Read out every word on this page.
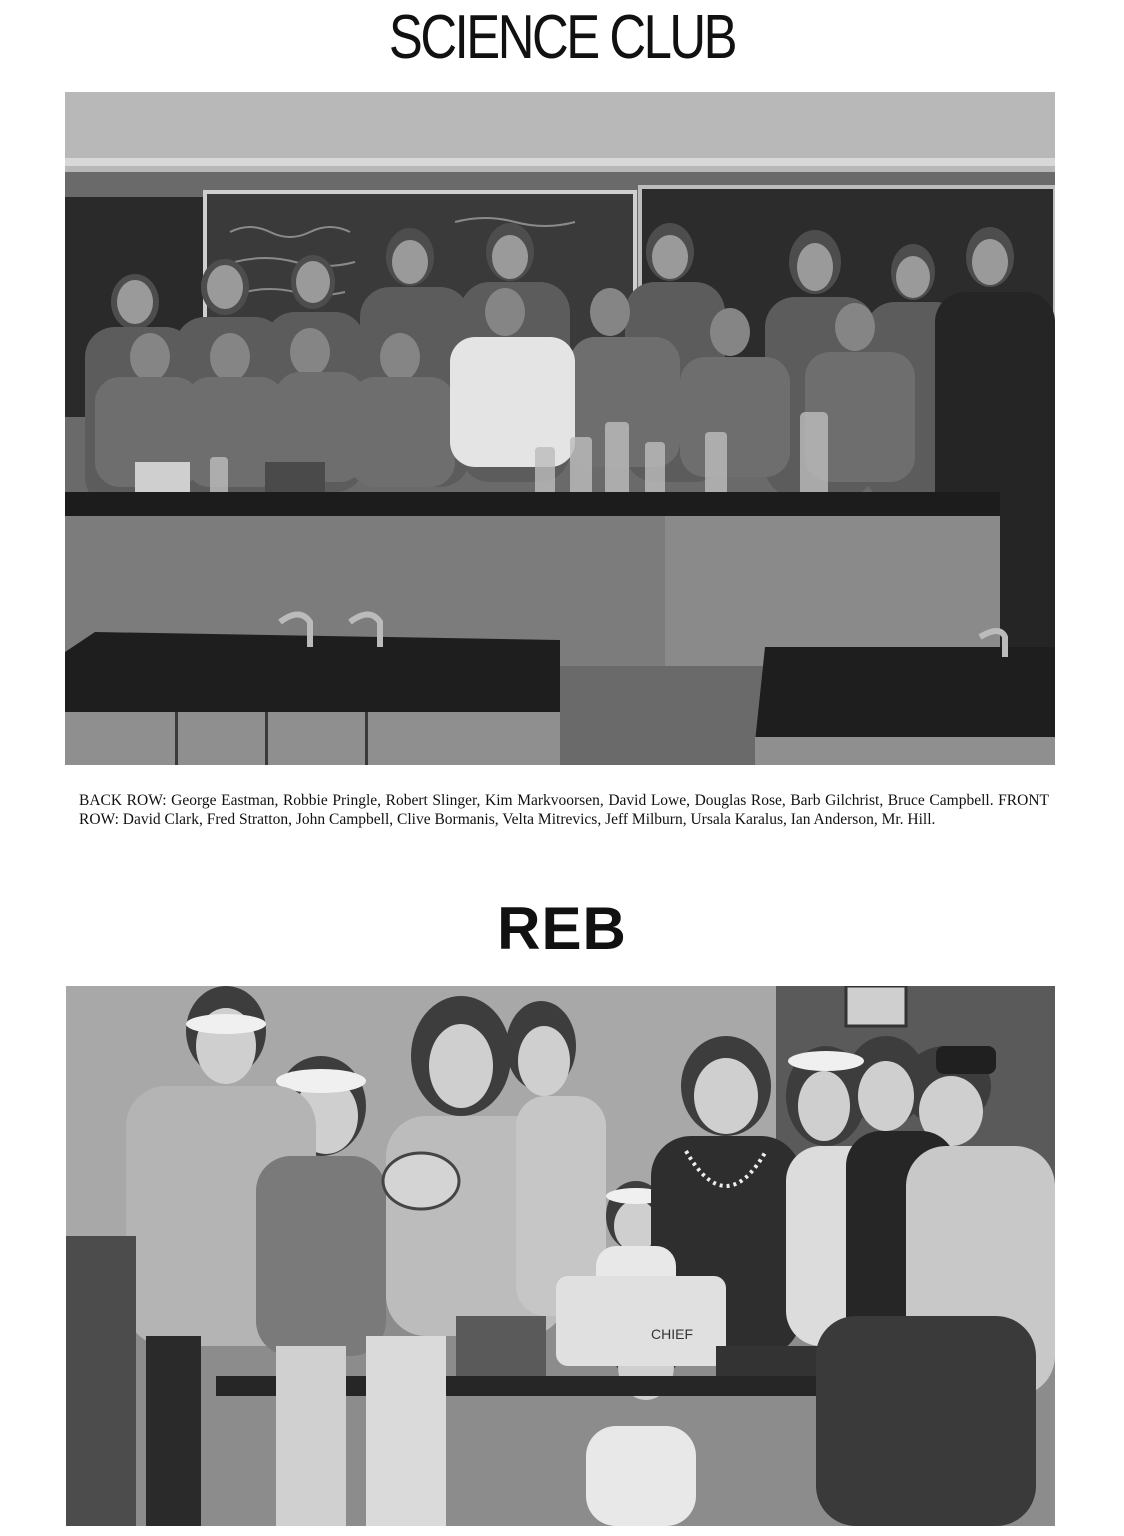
SCIENCE CLUB
BACK ROW: George Eastman, Robbie Pringle, Robert Slinger, Kim Markvoorsen, David Lowe, Douglas Rose, Barb Gilchrist, Bruce Campbell. FRONT ROW: David Clark, Fred Stratton, John Campbell, Clive Bormanis, Velta Mitrevics, Jeff Milburn, Ursala Karalus, Ian Anderson, Mr. Hill.
REB
CHIEF
